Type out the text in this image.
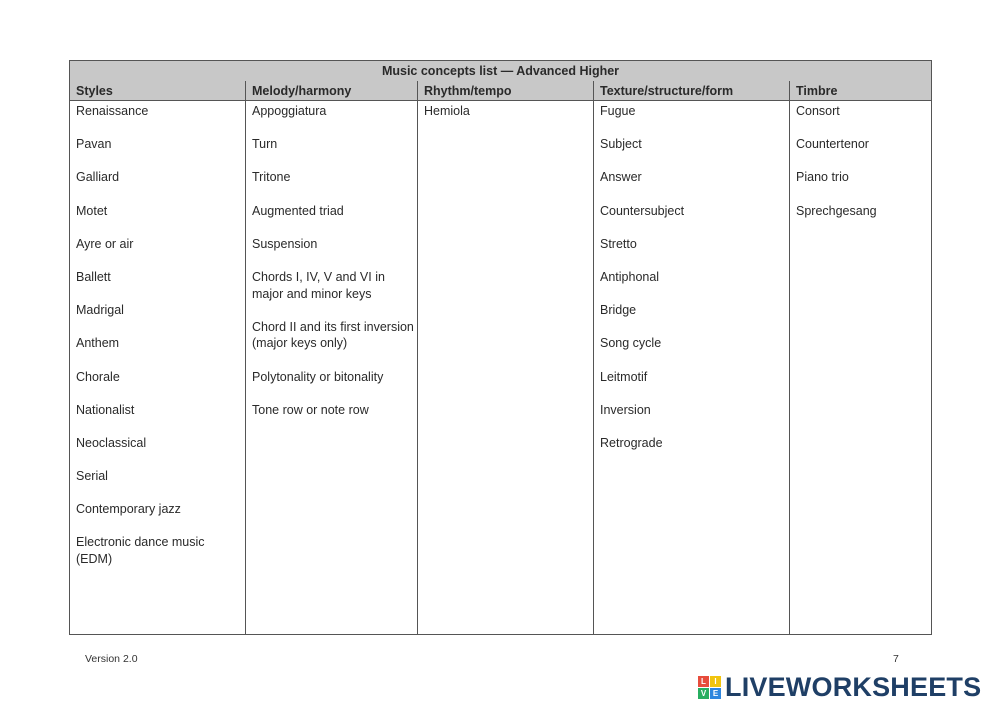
Music concepts list — Advanced Higher
Styles
Renaissance
Pavan
Galliard
Motet
Ayre or air
Ballett
Madrigal
Anthem
Chorale
Nationalist
Neoclassical
Serial
Contemporary jazz
Electronic dance music (EDM)
Melody/harmony
Appoggiatura
Turn
Tritone
Augmented triad
Suspension
Chords I, IV, V and VI in major and minor keys
Chord II and its first inversion (major keys only)
Polytonality or bitonality
Tone row or note row
Rhythm/tempo
Hemiola
Texture/structure/form
Fugue
Subject
Answer
Countersubject
Stretto
Antiphonal
Bridge
Song cycle
Leitmotif
Inversion
Retrograde
Timbre
Consort
Countertenor
Piano trio
Sprechgesang
Version 2.0	7
L	I
V E LIVEWORKSHEETS
